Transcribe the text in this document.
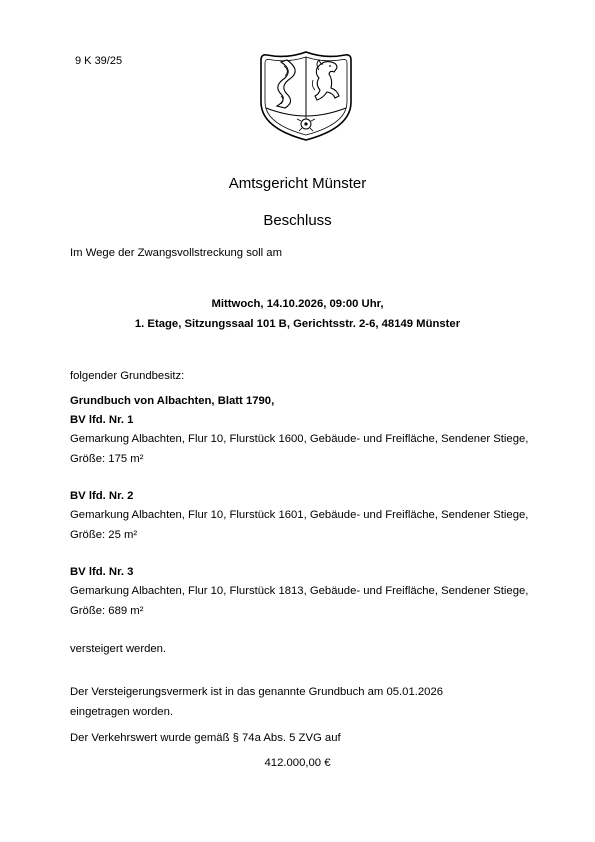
9 K 39/25
Amtsgericht Münster
Beschluss
Im Wege der Zwangsvollstreckung soll am
Mittwoch, 14.10.2026, 09:00 Uhr,
1. Etage, Sitzungssaal 101 B, Gerichtsstr. 2-6, 48149 Münster
folgender Grundbesitz:
Grundbuch von Albachten, Blatt 1790,
BV lfd. Nr. 1
Gemarkung Albachten, Flur 10, Flurstück 1600, Gebäude- und Freifläche, Sendener Stiege, Größe: 175 m²
BV lfd. Nr. 2
Gemarkung Albachten, Flur 10, Flurstück 1601, Gebäude- und Freifläche, Sendener Stiege, Größe: 25 m²
BV lfd. Nr. 3
Gemarkung Albachten, Flur 10, Flurstück 1813, Gebäude- und Freifläche, Sendener Stiege, Größe: 689 m²
versteigert werden.
Der Versteigerungsvermerk ist in das genannte Grundbuch am 05.01.2026 eingetragen worden.
Der Verkehrswert wurde gemäß § 74a Abs. 5 ZVG auf
412.000,00 €
